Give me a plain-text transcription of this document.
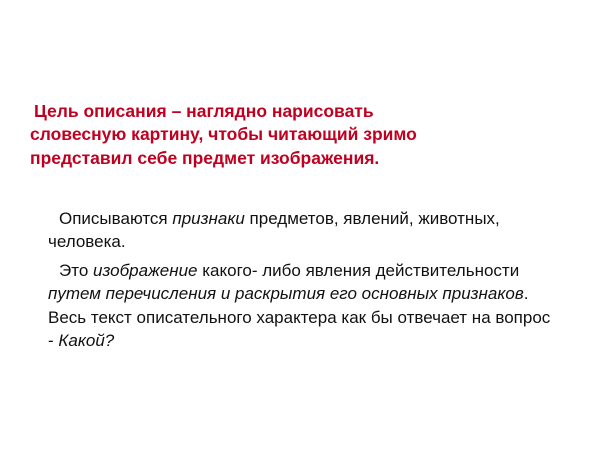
Цель описания – наглядно нарисовать
словесную картину, чтобы читающий зримо
представил себе предмет изображения.

Описываются признаки предметов, явлений, животных, человека.

Это изображение какого- либо явления действительности путем перечисления и раскрытия его основных признаков. Весь текст описательного характера как бы отвечает на вопрос - Какой?
